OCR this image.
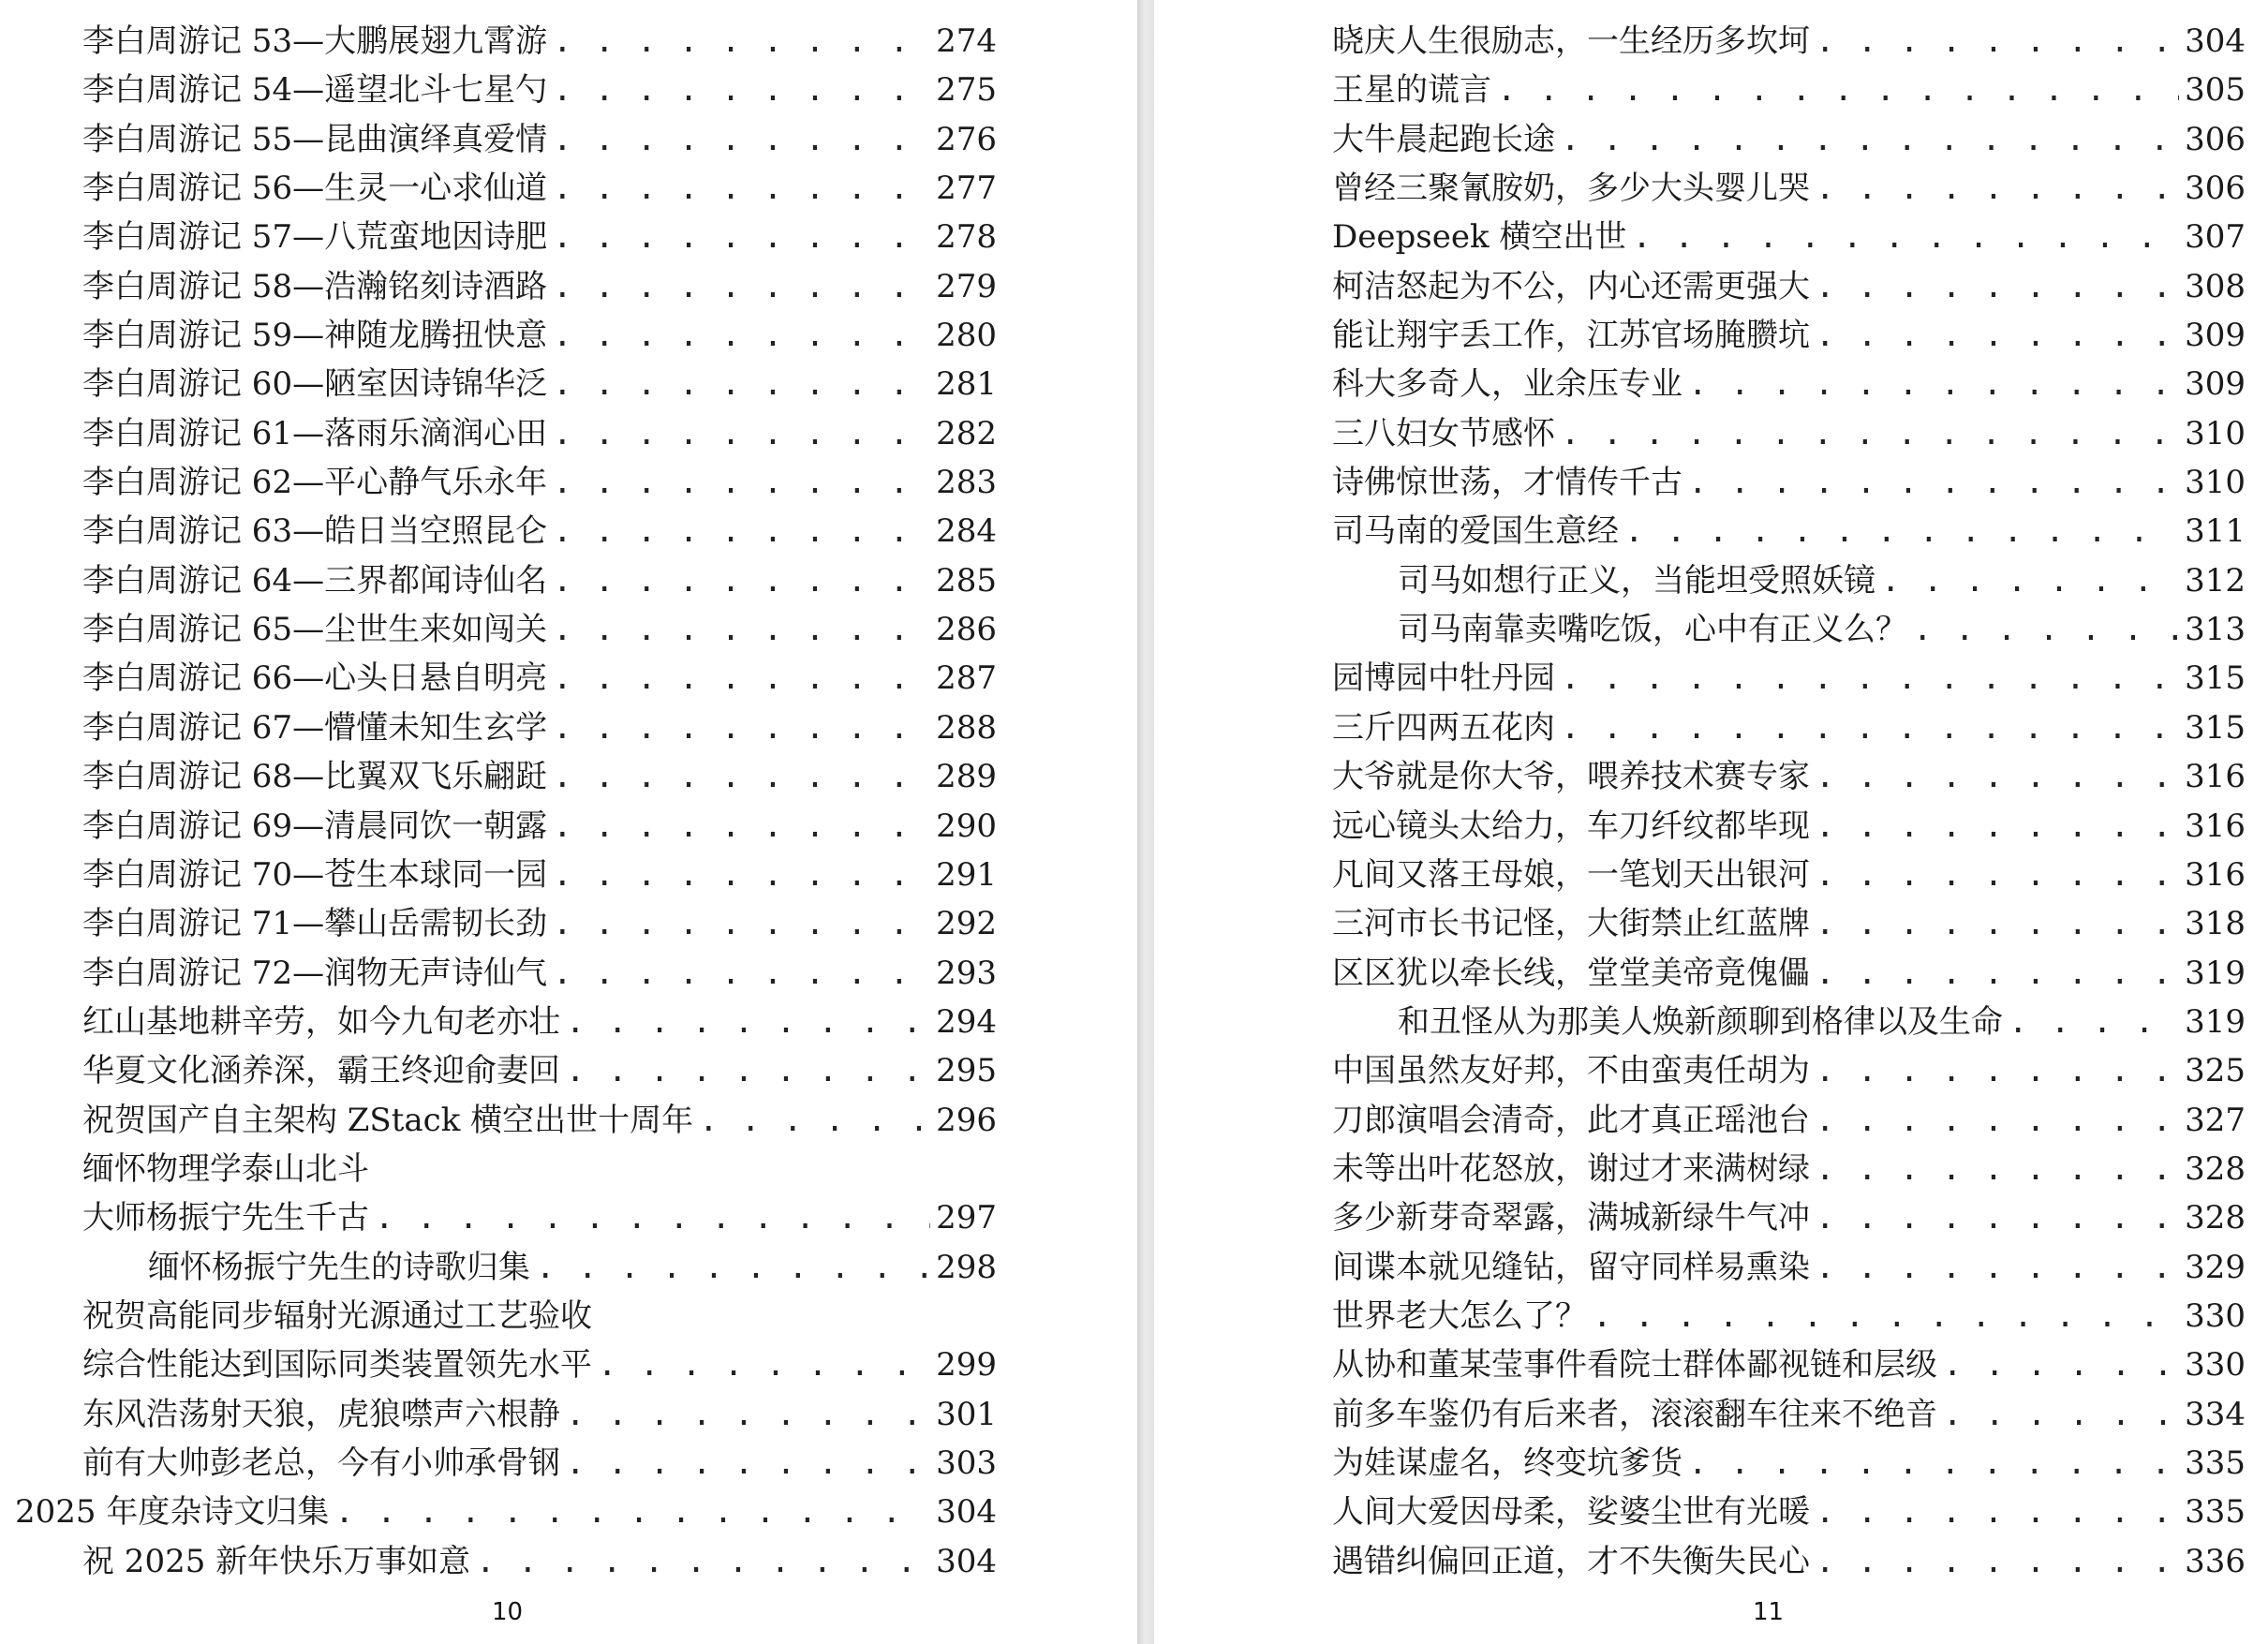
李白周游记 53—大鹏展翅九霄游 . . .	274
李白周游记 54—遥望北斗七星勺 . . .	275
李白周游记 55—昆曲演绎真爱情 . . .	276
李白周游记 56—生灵一心求仙道 . . .	277
李白周游记 57—八荒蛮地因诗肥 . . .	278
李白周游记 58—浩瀚铭刻诗酒路 . . .	279
李白周游记 59—神随龙腾扭快意 . . .	280
李白周游记 60—陋室因诗锦华泛 . . .	281
李白周游记 61—落雨乐滴润心田 . . .	282
李白周游记 62—平心静气乐永年 . . .	283
李白周游记 63—皓日当空照昆仑 . . .	284
李白周游记 64—三界都闻诗仙名 . . .	285
李白周游记 65—尘世生来如闯关 . . .	286
李白周游记 66—心头日悬自明亮 . . .	287
李白周游记 67—懵懂未知生玄学 . . .	288
李白周游记 68—比翼双飞乐翩跹 . . .	289
李白周游记 69—清晨同饮一朝露 . . .	290
李白周游记 70—苍生本球同一园 . . .	291
李白周游记 71—攀山岳需韧长劲 . . .	292
李白周游记 72—润物无声诗仙气 . . .	293
红山基地耕辛劳，如今九旬老亦壮 . . .	294
华夏文化涵养深，霸王终迎俞妻回 . . .	295
祝贺国产自主架构 ZStack 横空出世十周年 . . .	296
缅怀物理学泰山北斗
大师杨振宁先生千古 . . .	297
缅怀杨振宁先生的诗歌归集 . . .	298
祝贺高能同步辐射光源通过工艺验收
综合性能达到国际同类装置领先水平 . . .	299
东风浩荡射天狼，虎狼噤声六根静 . . .	301
前有大帅彭老总，今有小帅承骨钢 . . .	303
2025 年度杂诗文归集 . . .	304
祝 2025 新年快乐万事如意 . . .	304
10
晓庆人生很励志，一生经历多坎坷 . . .	304
王星的谎言 . . .	305
大牛晨起跑长途 . . .	306
曾经三聚氰胺奶，多少大头婴儿哭 . . .	306
Deepseek 横空出世 . . .	307
柯洁怒起为不公，内心还需更强大 . . .	308
能让翔宇丢工作，江苏官场腌臜坑 . . .	309
科大多奇人，业余压专业 . . .	309
三八妇女节感怀 . . .	310
诗佛惊世荡，才情传千古 . . .	310
司马南的爱国生意经 . . .	311
司马如想行正义，当能坦受照妖镜 . . .	312
司马南靠卖嘴吃饭，心中有正义么？ . . .	313
园博园中牡丹园 . . .	315
三斤四两五花肉 . . .	315
大爷就是你大爷，喂养技术赛专家 . . .	316
远心镜头太给力，车刀纤纹都毕现 . . .	316
凡间又落王母娘，一笔划天出银河 . . .	316
三河市长书记怪，大街禁止红蓝牌 . . .	318
区区犹以牵长线，堂堂美帝竟傀儡 . . .	319
和丑怪从为那美人焕新颜聊到格律以及生命 . . .	319
中国虽然友好邦，不由蛮夷任胡为 . . .	325
刀郎演唱会清奇，此才真正瑶池台 . . .	327
未等出叶花怒放，谢过才来满树绿 . . .	328
多少新芽奇翠露，满城新绿牛气冲 . . .	328
间谍本就见缝钻，留守同样易熏染 . . .	329
世界老大怎么了？ . . .	330
从协和董某莹事件看院士群体鄙视链和层级 . . .	330
前多车鉴仍有后来者，滚滚翻车往来不绝音 . . .	334
为娃谋虚名，终变坑爹货 . . .	335
人间大爱因母柔，娑婆尘世有光暖 . . .	335
遇错纠偏回正道，才不失衡失民心 . . .	336
11
